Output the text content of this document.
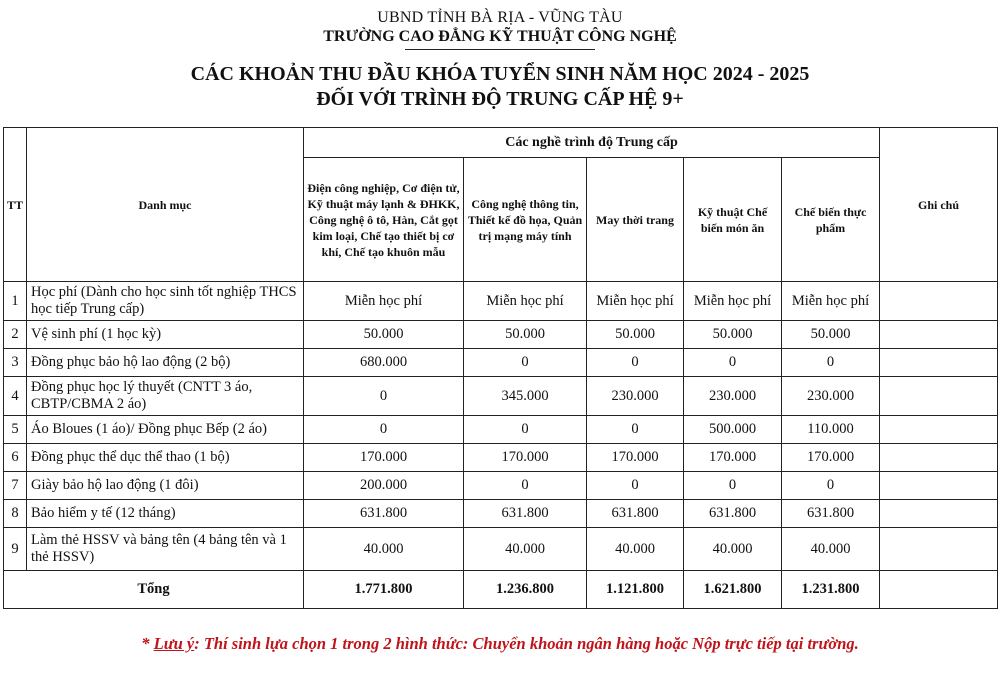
UBND TỈNH BÀ RỊA - VŨNG TÀU
TRƯỜNG CAO ĐẲNG KỸ THUẬT CÔNG NGHỆ
CÁC KHOẢN THU ĐẦU KHÓA TUYỂN SINH NĂM HỌC 2024 - 2025
ĐỐI VỚI TRÌNH ĐỘ TRUNG CẤP HỆ 9+
TT	Danh mục	Các nghề trình độ Trung cấp					Ghi chú
		Điện công nghiệp, Cơ điện tử, Kỹ thuật máy lạnh & ĐHKK, Công nghệ ô tô, Hàn, Cắt gọt kim loại, Chế tạo thiết bị cơ khí, Chế tạo khuôn mẫu	Công nghệ thông tin, Thiết kế đồ họa, Quản trị mạng máy tính	May thời trang	Kỹ thuật Chế biến món ăn	Chế biến thực phẩm	
1	Học phí (Dành cho học sinh tốt nghiệp THCS học tiếp Trung cấp)	Miễn học phí	Miễn học phí	Miễn học phí	Miễn học phí	Miễn học phí	
2	Vệ sinh phí (1 học kỳ)	50.000	50.000	50.000	50.000	50.000	
3	Đồng phục bảo hộ lao động (2 bộ)	680.000	0	0	0	0	
4	Đồng phục học lý thuyết (CNTT 3 áo, CBTP/CBMA 2 áo)	0	345.000	230.000	230.000	230.000	
5	Áo Bloues (1 áo)/ Đồng phục Bếp (2 áo)	0	0	0	500.000	110.000	
6	Đồng phục thể dục thể thao (1 bộ)	170.000	170.000	170.000	170.000	170.000	
7	Giày bảo hộ lao động (1 đôi)	200.000	0	0	0	0	
8	Bảo hiểm y tế (12 tháng)	631.800	631.800	631.800	631.800	631.800	
9	Làm thẻ HSSV và bảng tên (4 bảng tên và 1 thẻ HSSV)	40.000	40.000	40.000	40.000	40.000	
Tổng		1.771.800	1.236.800	1.121.800	1.621.800	1.231.800	
* Lưu ý: Thí sinh lựa chọn 1 trong 2 hình thức: Chuyển khoản ngân hàng hoặc Nộp trực tiếp tại trường.
